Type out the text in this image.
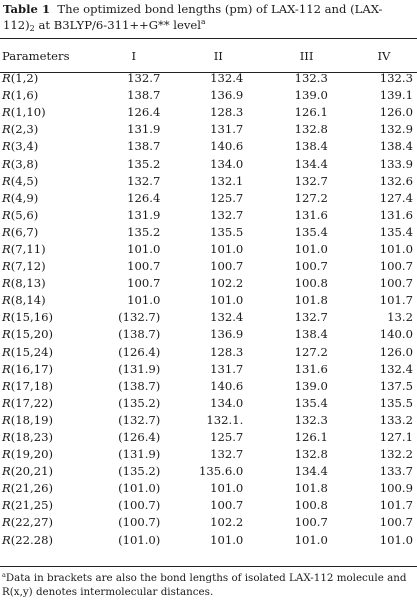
Table 1 The optimized bond lengths (pm) of LAX-112 and $(LAX-112)_2$ at B3LYP/6-311++G** level$^a$
Parameters	I	II	III	IV
R(1,2)	132.7	132.4	132.3	132.3
R(1,6)	138.7	136.9	139.0	139.1
R(1,10)	126.4	128.3	126.1	126.0
R(2,3)	131.9	131.7	132.8	132.9
R(3,4)	138.7	140.6	138.4	138.4
R(3,8)	135.2	134.0	134.4	133.9
R(4,5)	132.7	132.1	132.7	132.6
R(4,9)	126.4	125.7	127.2	127.4
R(5,6)	131.9	132.7	131.6	131.6
R(6,7)	135.2	135.5	135.4	135.4
R(7,11)	101.0	101.0	101.0	101.0
R(7,12)	100.7	100.7	100.7	100.7
R(8,13)	100.7	102.2	100.8	100.7
R(8,14)	101.0	101.0	101.8	101.7
R(15,16)	(132.7)	132.4	132.7	13.2
R(15,20)	(138.7)	136.9	138.4	140.0
R(15,24)	(126.4)	128.3	127.2	126.0
R(16,17)	(131.9)	131.7	131.6	132.4
R(17,18)	(138.7)	140.6	139.0	137.5
R(17,22)	(135.2)	134.0	135.4	135.5
R(18,19)	(132.7)	132.1.	132.3	133.2
R(18,23)	(126.4)	125.7	126.1	127.1
R(19,20)	(131.9)	132.7	132.8	132.2
R(20,21)	(135.2)	135.6.0	134.4	133.7
R(21,26)	(101.0)	101.0	101.8	100.9
R(21,25)	(100.7)	100.7	100.8	101.7
R(22,27)	(100.7)	102.2	100.7	100.7
R(22.28)	(101.0)	101.0	101.0	101.0
$^a$Data in brackets are also the bond lengths of isolated LAX-112 molecule and R(x,y) denotes intermolecular distances.
